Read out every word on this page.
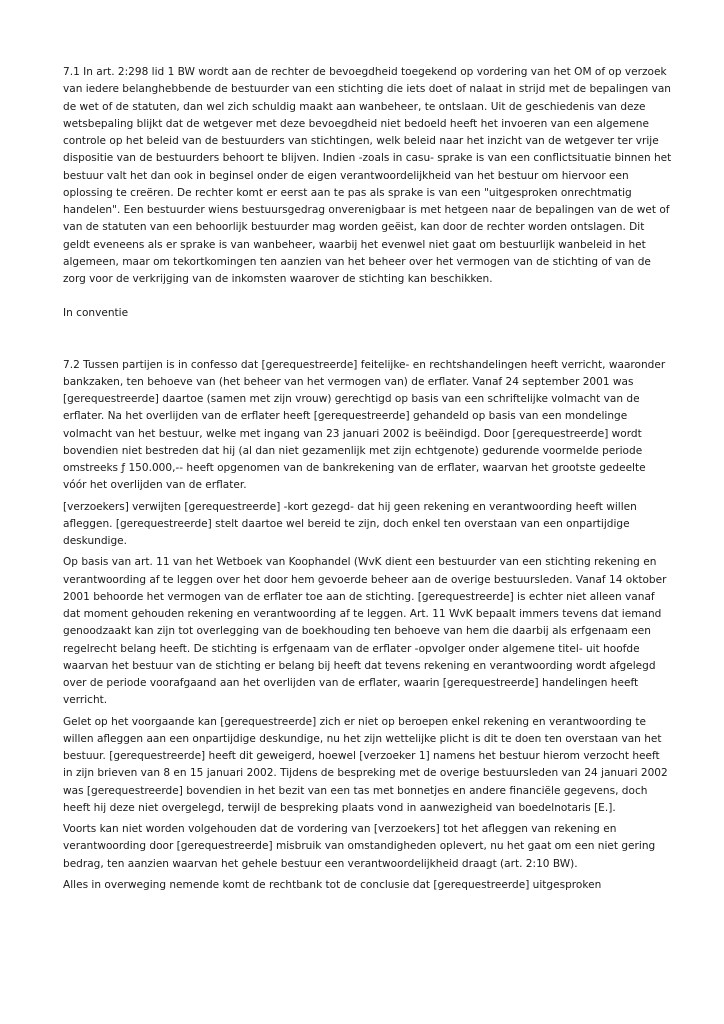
7.1 In art. 2:298 lid 1 BW wordt aan de rechter de bevoegdheid toegekend op vordering van het OM of op verzoek van iedere belanghebbende de bestuurder van een stichting die iets doet of nalaat in strijd met de bepalingen van de wet of de statuten, dan wel zich schuldig maakt aan wanbeheer, te ontslaan. Uit de geschiedenis van deze wetsbepaling blijkt dat de wetgever met deze bevoegdheid niet bedoeld heeft het invoeren van een algemene controle op het beleid van de bestuurders van stichtingen, welk beleid naar het inzicht van de wetgever ter vrije dispositie van de bestuurders behoort te blijven. Indien -zoals in casu- sprake is van een conflictsituatie binnen het bestuur valt het dan ook in beginsel onder de eigen verantwoordelijkheid van het bestuur om hiervoor een oplossing te creëren. De rechter komt er eerst aan te pas als sprake is van een "uitgesproken onrechtmatig handelen". Een bestuurder wiens bestuursgedrag onverenigbaar is met hetgeen naar de bepalingen van de wet of van de statuten van een behoorlijk bestuurder mag worden geëist, kan door de rechter worden ontslagen. Dit geldt eveneens als er sprake is van wanbeheer, waarbij het evenwel niet gaat om bestuurlijk wanbeleid in het algemeen, maar om tekortkomingen ten aanzien van het beheer over het vermogen van de stichting of van de zorg voor de verkrijging van de inkomsten waarover de stichting kan beschikken.

In conventie

7.2 Tussen partijen is in confesso dat [gerequestreerde] feitelijke- en rechtshandelingen heeft verricht, waaronder bankzaken, ten behoeve van (het beheer van het vermogen van) de erflater. Vanaf 24 september 2001 was [gerequestreerde] daartoe (samen met zijn vrouw) gerechtigd op basis van een schriftelijke volmacht van de erflater. Na het overlijden van de erflater heeft [gerequestreerde] gehandeld op basis van een mondelinge volmacht van het bestuur, welke met ingang van 23 januari 2002 is beëindigd. Door [gerequestreerde] wordt bovendien niet bestreden dat hij (al dan niet gezamenlijk met zijn echtgenote) gedurende voormelde periode omstreeks ƒ 150.000,-- heeft opgenomen van de bankrekening van de erflater, waarvan het grootste gedeelte vóór het overlijden van de erflater.

[verzoekers] verwijten [gerequestreerde] -kort gezegd- dat hij geen rekening en verantwoording heeft willen afleggen. [gerequestreerde] stelt daartoe wel bereid te zijn, doch enkel ten overstaan van een onpartijdige deskundige.

Op basis van art. 11 van het Wetboek van Koophandel (WvK dient een bestuurder van een stichting rekening en verantwoording af te leggen over het door hem gevoerde beheer aan de overige bestuursleden. Vanaf 14 oktober 2001 behoorde het vermogen van de erflater toe aan de stichting. [gerequestreerde] is echter niet alleen vanaf dat moment gehouden rekening en verantwoording af te leggen. Art. 11 WvK bepaalt immers tevens dat iemand genoodzaakt kan zijn tot overlegging van de boekhouding ten behoeve van hem die daarbij als erfgenaam een regelrecht belang heeft. De stichting is erfgenaam van de erflater -opvolger onder algemene titel- uit hoofde waarvan het bestuur van de stichting er belang bij heeft dat tevens rekening en verantwoording wordt afgelegd over de periode voorafgaand aan het overlijden van de erflater, waarin [gerequestreerde] handelingen heeft verricht.

Gelet op het voorgaande kan [gerequestreerde] zich er niet op beroepen enkel rekening en verantwoording te willen afleggen aan een onpartijdige deskundige, nu het zijn wettelijke plicht is dit te doen ten overstaan van het bestuur. [gerequestreerde] heeft dit geweigerd, hoewel [verzoeker 1] namens het bestuur hierom verzocht heeft in zijn brieven van 8 en 15 januari 2002. Tijdens de bespreking met de overige bestuursleden van 24 januari 2002 was [gerequestreerde] bovendien in het bezit van een tas met bonnetjes en andere financiële gegevens, doch heeft hij deze niet overgelegd, terwijl de bespreking plaats vond in aanwezigheid van boedelnotaris [E.].

Voorts kan niet worden volgehouden dat de vordering van [verzoekers] tot het afleggen van rekening en verantwoording door [gerequestreerde] misbruik van omstandigheden oplevert, nu het gaat om een niet gering bedrag, ten aanzien waarvan het gehele bestuur een verantwoordelijkheid draagt (art. 2:10 BW).

Alles in overweging nemende komt de rechtbank tot de conclusie dat [gerequestreerde] uitgesproken
